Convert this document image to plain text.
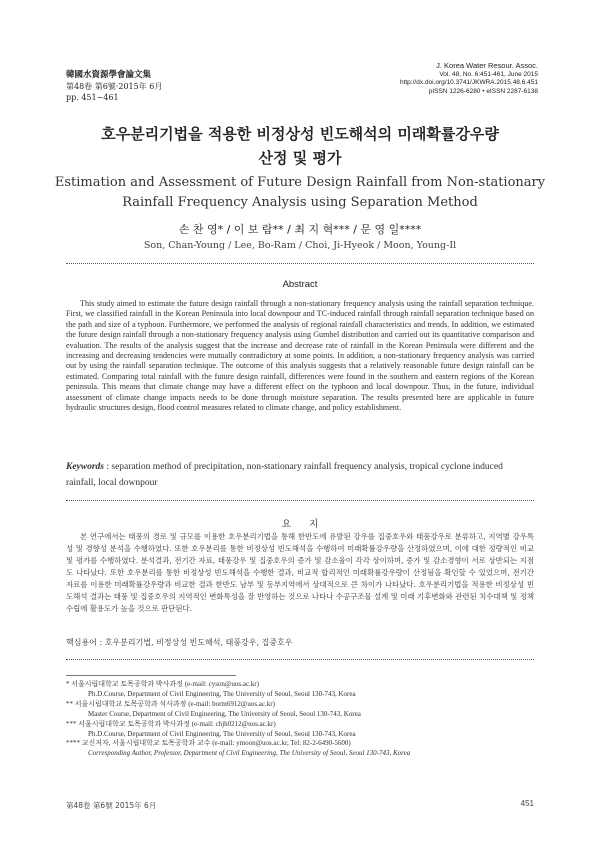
韓國水資源學會論文集
第48卷 第6號·2015年 6月
pp. 451~461
J. Korea Water Resour. Assoc.
Vol. 48, No. 6:451-461, June 2015
http://dx.doi.org/10.3741/JKWRA.2015.48.6.451
pISSN 1226-6280 • eISSN 2287-6138
호우분리기법을 적용한 비정상성 빈도해석의 미래확률강우량
산정 및 평가
Estimation and Assessment of Future Design Rainfall from Non-stationary
Rainfall Frequency Analysis using Separation Method
손 찬 영* / 이 보 람** / 최 지 혁*** / 문 영 일****
Son, Chan-Young / Lee, Bo-Ram / Choi, Ji-Hyeok / Moon, Young-Il
Abstract
This study aimed to estimate the future design rainfall through a non-stationary frequency analysis using the rainfall separation technique. First, we classified rainfall in the Korean Peninsula into local downpour and TC-induced rainfall through rainfall separation technique based on the path and size of a typhoon. Furthermore, we performed the analysis of regional rainfall characteristics and trends. In addition, we estimated the future design rainfall through a non-stationary frequency analysis using Gumbel distribution and carried out its quantitative comparison and evaluation. The results of the analysis suggest that the increase and decrease rate of rainfall in the Korean Peninsula were different and the increasing and decreasing tendencies were mutually contradictory at some points. In addition, a non-stationary frequency analysis was carried out by using the rainfall separation technique. The outcome of this analysis suggests that a relatively reasonable future design rainfall can be estimated. Comparing total rainfall with the future design rainfall, differences were found in the southern and eastern regions of the Korean peninsula. This means that climate change may have a different effect on the typhoon and local downpour. Thus, in the future, individual assessment of climate change impacts needs to be done through moisture separation. The results presented here are applicable in future hydraulic structures design, flood control measures related to climate change, and policy establishment.
Keywords : separation method of precipitation, non-stationary rainfall frequency analysis, tropical cyclone induced rainfall, local downpour
요      지
본 연구에서는 태풍의 경로 및 규모를 이용한 호우분리기법을 통해 한반도에 유발된 강우를 집중호우와 태풍강우로 분류하고, 지역별 강우특성 및 경향성 분석을 수행하였다. 또한 호우분리를 통한 비정상성 빈도해석을 수행하여 미래확률강우량을 산정하였으며, 이에 대한 정량적인 비교 및 평가를 수행하였다. 분석결과, 전기간 자료, 태풍강우 및 집중호우의 증가 및 감소율이 각각 상이하며, 증가 및 감소경향이 서로 상반되는 지점도 나타났다. 또한 호우분리를 통한 비정상성 빈도해석을 수행한 결과, 비교적 합리적인 미래확률강우량이 산정됨을 확인할 수 있었으며, 전기간 자료를 이용한 미래확률강우량과 비교한 결과 한반도 남부 및 동부지역에서 상대적으로 큰 차이가 나타났다. 호우분리기법을 적용한 비정상성 빈도해석 결과는 태풍 및 집중호우의 지역적인 변화특성을 잘 반영하는 것으로 나타나 수공구조물 설계 및 미래 기후변화와 관련된 치수대책 및 정책수립에 활용도가 높을 것으로 판단된다.
핵심용어 : 호우분리기법, 비정상성 빈도해석, 태풍강우, 집중호우
* 서울시립대학교 토목공학과 박사과정 (e-mail: cyson@uos.ac.kr)
Ph.D.Course, Department of Civil Engineering, The University of Seoul, Seoul 130-743, Korea
** 서울시립대학교 토목공학과 석사과정 (e-mail: borm6912@uos.ac.kr)
Master Course, Department of Civil Engineering, The University of Seoul, Seoul 130-743, Korea
*** 서울시립대학교 토목공학과 박사과정 (e-mail: chjh0212@uos.ac.kr)
Ph.D.Course, Department of Civil Engineering, The University of Seoul, Seoul 130-743, Korea
**** 교신저자, 서울시립대학교 토목공학과 교수 (e-mail: ymoon@uos.ac.kr, Tel: 82-2-6490-5600)
Corresponding Author, Professor, Department of Civil Engineering, The University of Seoul, Seoul 130-743, Korea
第48卷 第6號 2015年 6月	451
